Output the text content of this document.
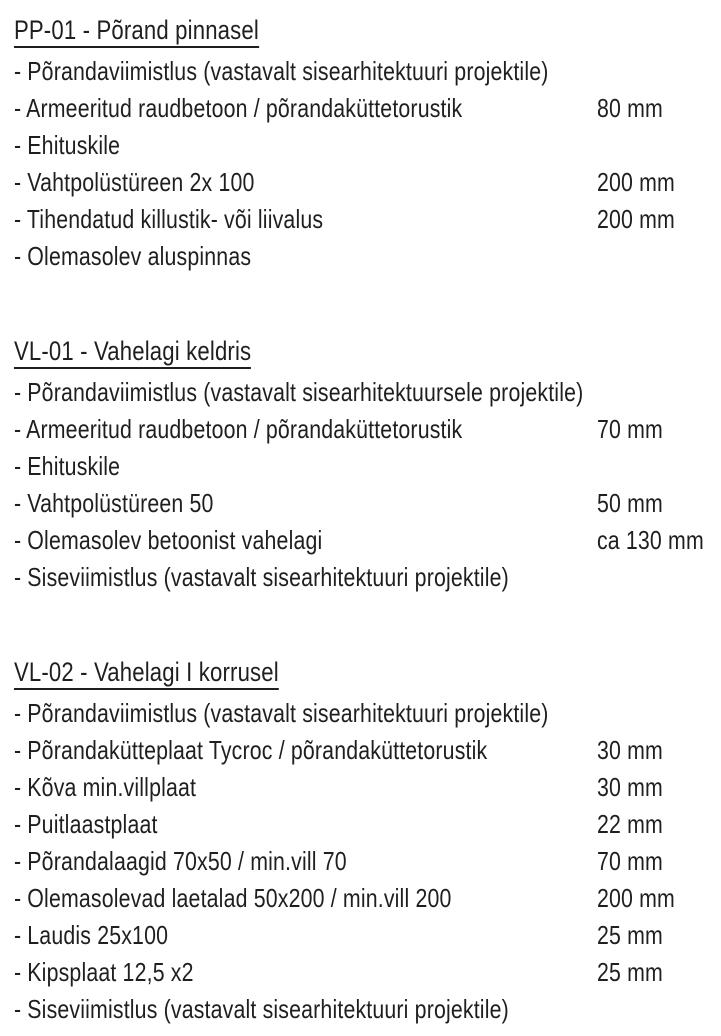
PP-01 - Põrand pinnasel
- Põrandaviimistlus (vastavalt sisearhitektuuri projektile)
- Armeeritud raudbetoon / põrandaküttetorustik	80 mm
- Ehituskile
- Vahtpolüstüreen 2x 100	200 mm
- Tihendatud killustik- või liivalus	200 mm
- Olemasolev aluspinnas
VL-01 - Vahelagi keldris
- Põrandaviimistlus (vastavalt sisearhitektuursele projektile)
- Armeeritud raudbetoon / põrandaküttetorustik	70 mm
- Ehituskile
- Vahtpolüstüreen 50	50 mm
- Olemasolev betoonist vahelagi	ca 130 mm
- Siseviimistlus (vastavalt sisearhitektuuri projektile)
VL-02 - Vahelagi I korrusel
- Põrandaviimistlus (vastavalt sisearhitektuuri projektile)
- Põrandakütteplaat Tycroc / põrandaküttetorustik	30 mm
- Kõva min.villplaat	30 mm
- Puitlaastplaat	22 mm
- Põrandalaagid 70x50 / min.vill 70	70 mm
- Olemasolevad laetalad 50x200 / min.vill 200	200 mm
- Laudis 25x100	25 mm
- Kipsplaat 12,5 x2	25 mm
- Siseviimistlus (vastavalt sisearhitektuuri projektile)
